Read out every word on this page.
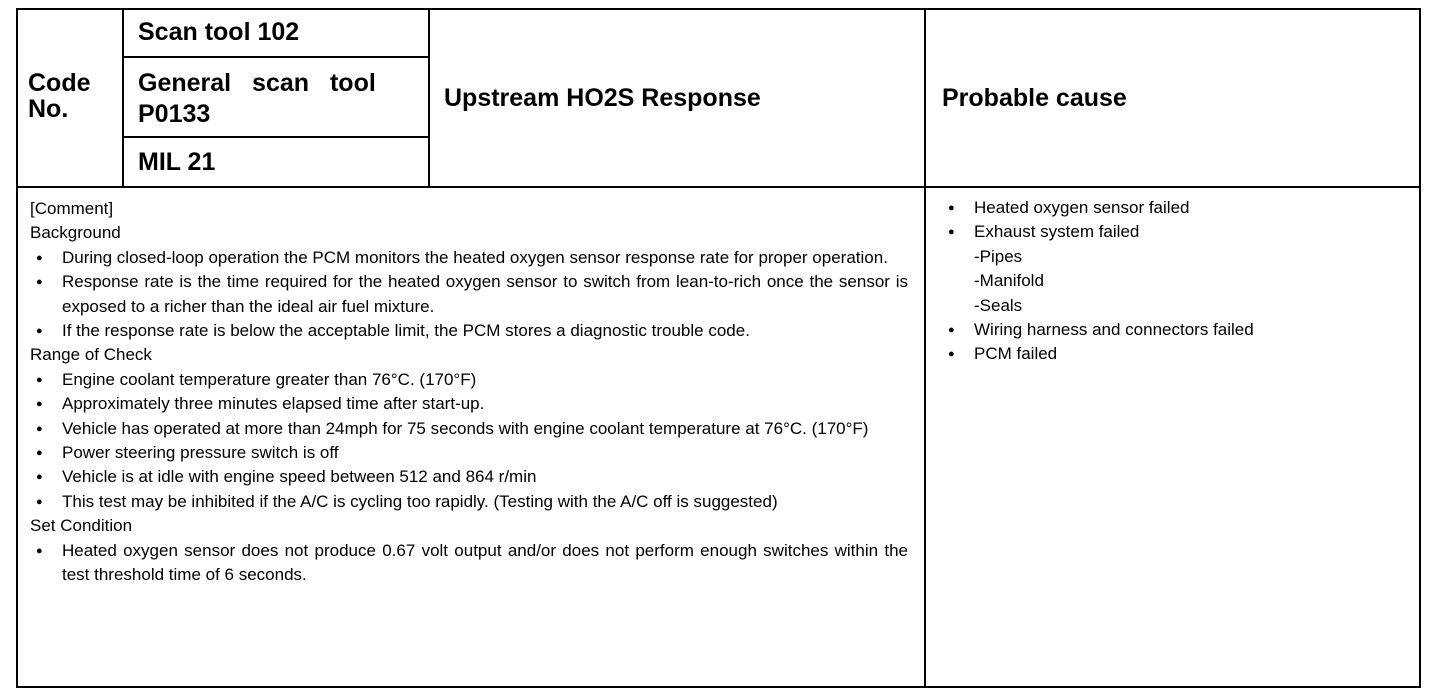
Code No.
Scan tool 102
General scan tool
P0133
MIL 21
Upstream HO2S Response	Probable cause
[Comment]
Background
● During closed-loop operation the PCM monitors the heated oxygen sensor response rate for proper operation.
● Response rate is the time required for the heated oxygen sensor to switch from lean-to-rich once the sensor is exposed to a richer than the ideal air fuel mixture.
● If the response rate is below the acceptable limit, the PCM stores a diagnostic trouble code.
Range of Check
● Engine coolant temperature greater than 76°C. (170°F)
● Approximately three minutes elapsed time after start-up.
● Vehicle has operated at more than 24mph for 75 seconds with engine coolant temperature at 76°C. (170°F)
● Power steering pressure switch is off
● Vehicle is at idle with engine speed between 512 and 864 r/min
● This test may be inhibited if the A/C is cycling too rapidly. (Testing with the A/C off is suggested)
Set Condition
● Heated oxygen sensor does not produce 0.67 volt output and/or does not perform enough switches within the test threshold time of 6 seconds.
● Heated oxygen sensor failed
● Exhaust system failed
-Pipes
-Manifold
-Seals
● Wiring harness and connectors failed
● PCM failed
